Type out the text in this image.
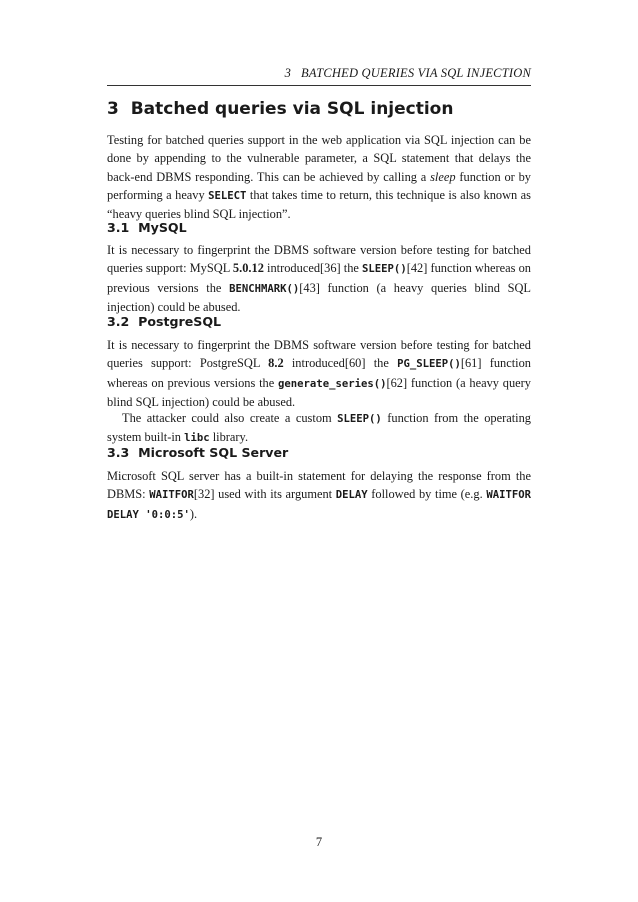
3 BATCHED QUERIES VIA SQL INJECTION
3 Batched queries via SQL injection

Testing for batched queries support in the web application via SQL injection can be done by appending to the vulnerable parameter, a SQL statement that delays the back-end DBMS responding. This can be achieved by calling a sleep function or by performing a heavy SELECT that takes time to return, this technique is also known as “heavy queries blind SQL injection”.

3.1 MySQL

It is necessary to fingerprint the DBMS software version before testing for batched queries support: MySQL 5.0.12 introduced[36] the SLEEP()[42] function whereas on previous versions the BENCHMARK()[43] function (a heavy queries blind SQL injection) could be abused.

3.2 PostgreSQL

It is necessary to fingerprint the DBMS software version before testing for batched queries support: PostgreSQL 8.2 introduced[60] the PG_SLEEP()[61] function whereas on previous versions the generate_series()[62] function (a heavy query blind SQL injection) could be abused.

The attacker could also create a custom SLEEP() function from the operating system built-in libc library.

3.3 Microsoft SQL Server

Microsoft SQL server has a built-in statement for delaying the response from the DBMS: WAITFOR[32] used with its argument DELAY followed by time (e.g. WAITFOR DELAY '0:0:5').

7
